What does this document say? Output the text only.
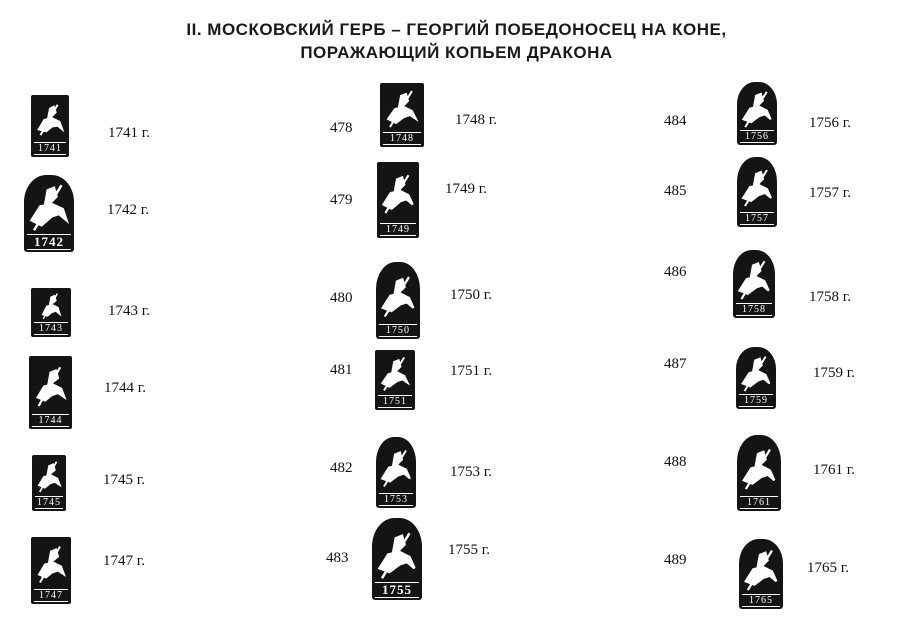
II. МОСКОВСКИЙ ГЕРБ – ГЕОРГИЙ ПОБЕДОНОСЕЦ НА КОНЕ,
ПОРАЖАЮЩИЙ КОПЬЕМ ДРАКОНА
1741
1741 г.
1742
1742 г.
1743
1743 г.
1744
1744 г.
1745
1745 г.
1747
1747 г.
478
1748
1748 г.
479
1749
1749 г.
480
1750
1750 г.
481
1751
1751 г.
482
1753
1753 г.
483
1755
1755 г.
484
1756
1756 г.
485
1757
1757 г.
486
1758
1758 г.
487
1759
1759 г.
488
1761
1761 г.
489
1765
1765 г.
